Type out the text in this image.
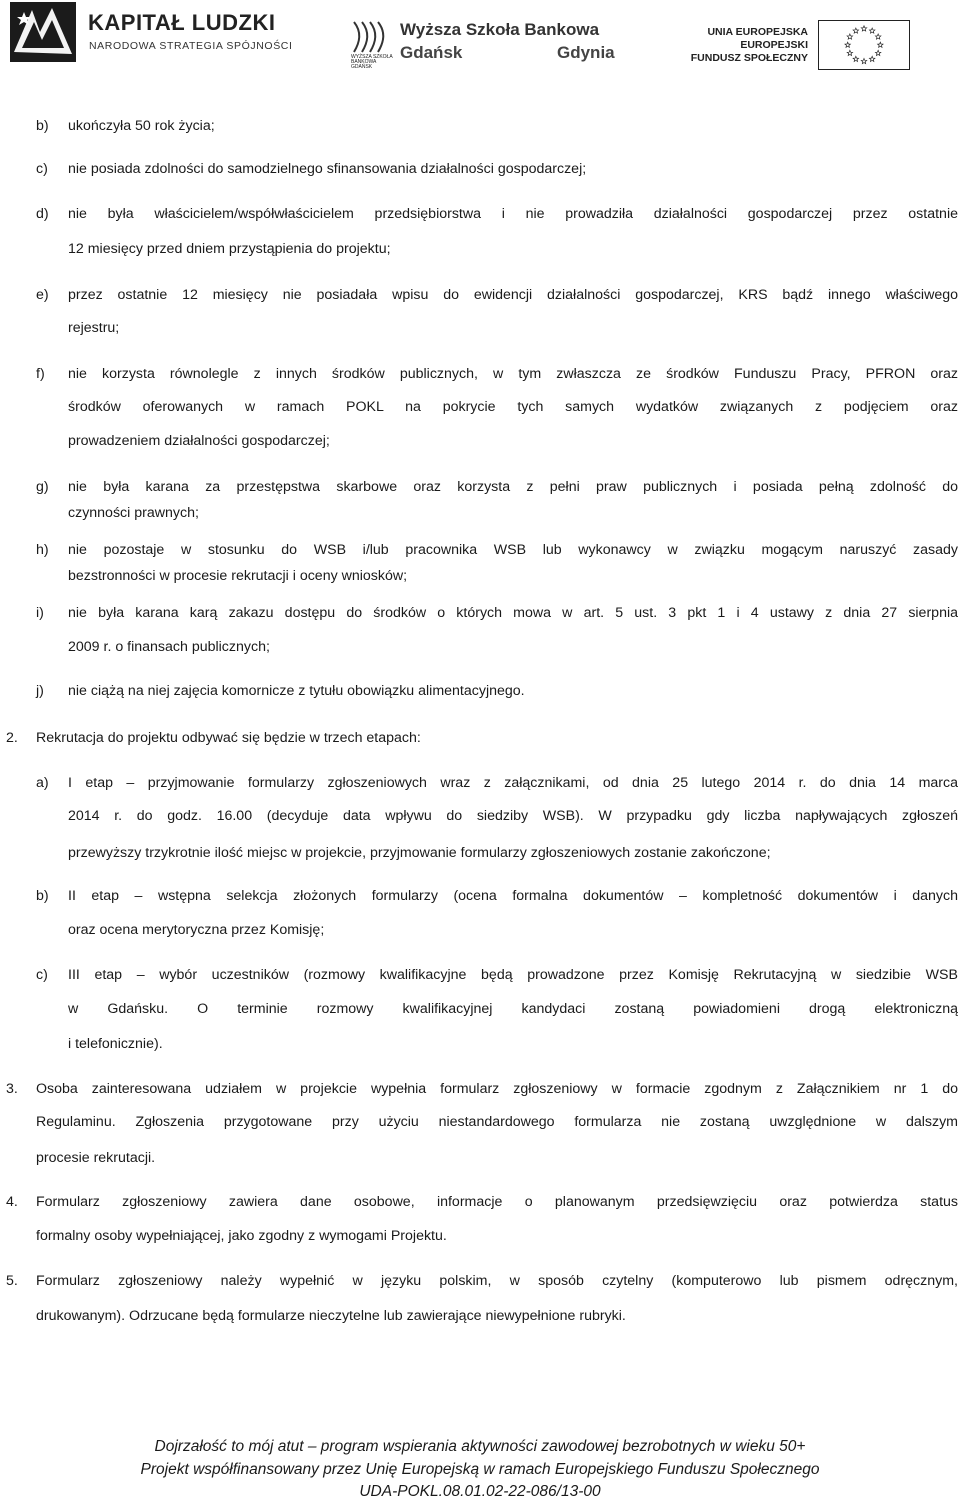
KAPITAŁ LUDZKI
NARODOWA STRATEGIA SPÓJNOŚCI
WYŻSZA SZKOŁA
BANKOWA
GDAŃSK
Wyższa Szkoła Bankowa
Gdańsk	Gdynia
UNIA EUROPEJSKA
EUROPEJSKI
FUNDUSZ SPOŁECZNY
b) ukończyła 50 rok życia;
c) nie posiada zdolności do samodzielnego sfinansowania działalności gospodarczej;
d) nie była właścicielem/współwłaścicielem przedsiębiorstwa i nie prowadziła działalności gospodarczej przez ostatnie
12 miesięcy przed dniem przystąpienia do projektu;
e) przez ostatnie 12 miesięcy nie posiadała wpisu do ewidencji działalności gospodarczej, KRS bądź innego właściwego
rejestru;
f) nie korzysta równolegle z innych środków publicznych, w tym zwłaszcza ze środków Funduszu Pracy, PFRON oraz
środków oferowanych w ramach POKL na pokrycie tych samych wydatków związanych z podjęciem oraz
prowadzeniem działalności gospodarczej;
g) nie była karana za przestępstwa skarbowe oraz korzysta z pełni praw publicznych i posiada pełną zdolność do
czynności prawnych;
h) nie pozostaje w stosunku do WSB i/lub pracownika WSB lub wykonawcy w związku mogącym naruszyć zasady
bezstronności w procesie rekrutacji i oceny wniosków;
i) nie była karana karą zakazu dostępu do środków o których mowa w art. 5 ust. 3 pkt 1 i 4 ustawy z dnia 27 sierpnia
2009 r. o finansach publicznych;
j) nie ciążą na niej zajęcia komornicze z tytułu obowiązku alimentacyjnego.
2. Rekrutacja do projektu odbywać się będzie w trzech etapach:
a) I etap – przyjmowanie formularzy zgłoszeniowych wraz z załącznikami, od dnia 25 lutego 2014 r. do dnia 14 marca
2014 r. do godz. 16.00 (decyduje data wpływu do siedziby WSB). W przypadku gdy liczba napływających zgłoszeń
przewyższy trzykrotnie ilość miejsc w projekcie, przyjmowanie formularzy zgłoszeniowych zostanie zakończone;
b) II etap – wstępna selekcja złożonych formularzy (ocena formalna dokumentów – kompletność dokumentów i danych
oraz ocena merytoryczna przez Komisję;
c) III etap – wybór uczestników (rozmowy kwalifikacyjne będą prowadzone przez Komisję Rekrutacyjną w siedzibie WSB
w Gdańsku. O terminie rozmowy kwalifikacyjnej kandydaci zostaną powiadomieni drogą elektroniczną
i telefonicznie).
3. Osoba zainteresowana udziałem w projekcie wypełnia formularz zgłoszeniowy w formacie zgodnym z Załącznikiem nr 1 do
Regulaminu. Zgłoszenia przygotowane przy użyciu niestandardowego formularza nie zostaną uwzględnione w dalszym
procesie rekrutacji.
4. Formularz zgłoszeniowy zawiera dane osobowe, informacje o planowanym przedsięwzięciu oraz potwierdza status
formalny osoby wypełniającej, jako zgodny z wymogami Projektu.
5. Formularz zgłoszeniowy należy wypełnić w języku polskim, w sposób czytelny (komputerowo lub pismem odręcznym,
drukowanym). Odrzucane będą formularze nieczytelne lub zawierające niewypełnione rubryki.
Dojrzałość to mój atut – program wspierania aktywności zawodowej bezrobotnych w wieku 50+
Projekt współfinansowany przez Unię Europejską w ramach Europejskiego Funduszu Społecznego
UDA-POKL.08.01.02-22-086/13-00
